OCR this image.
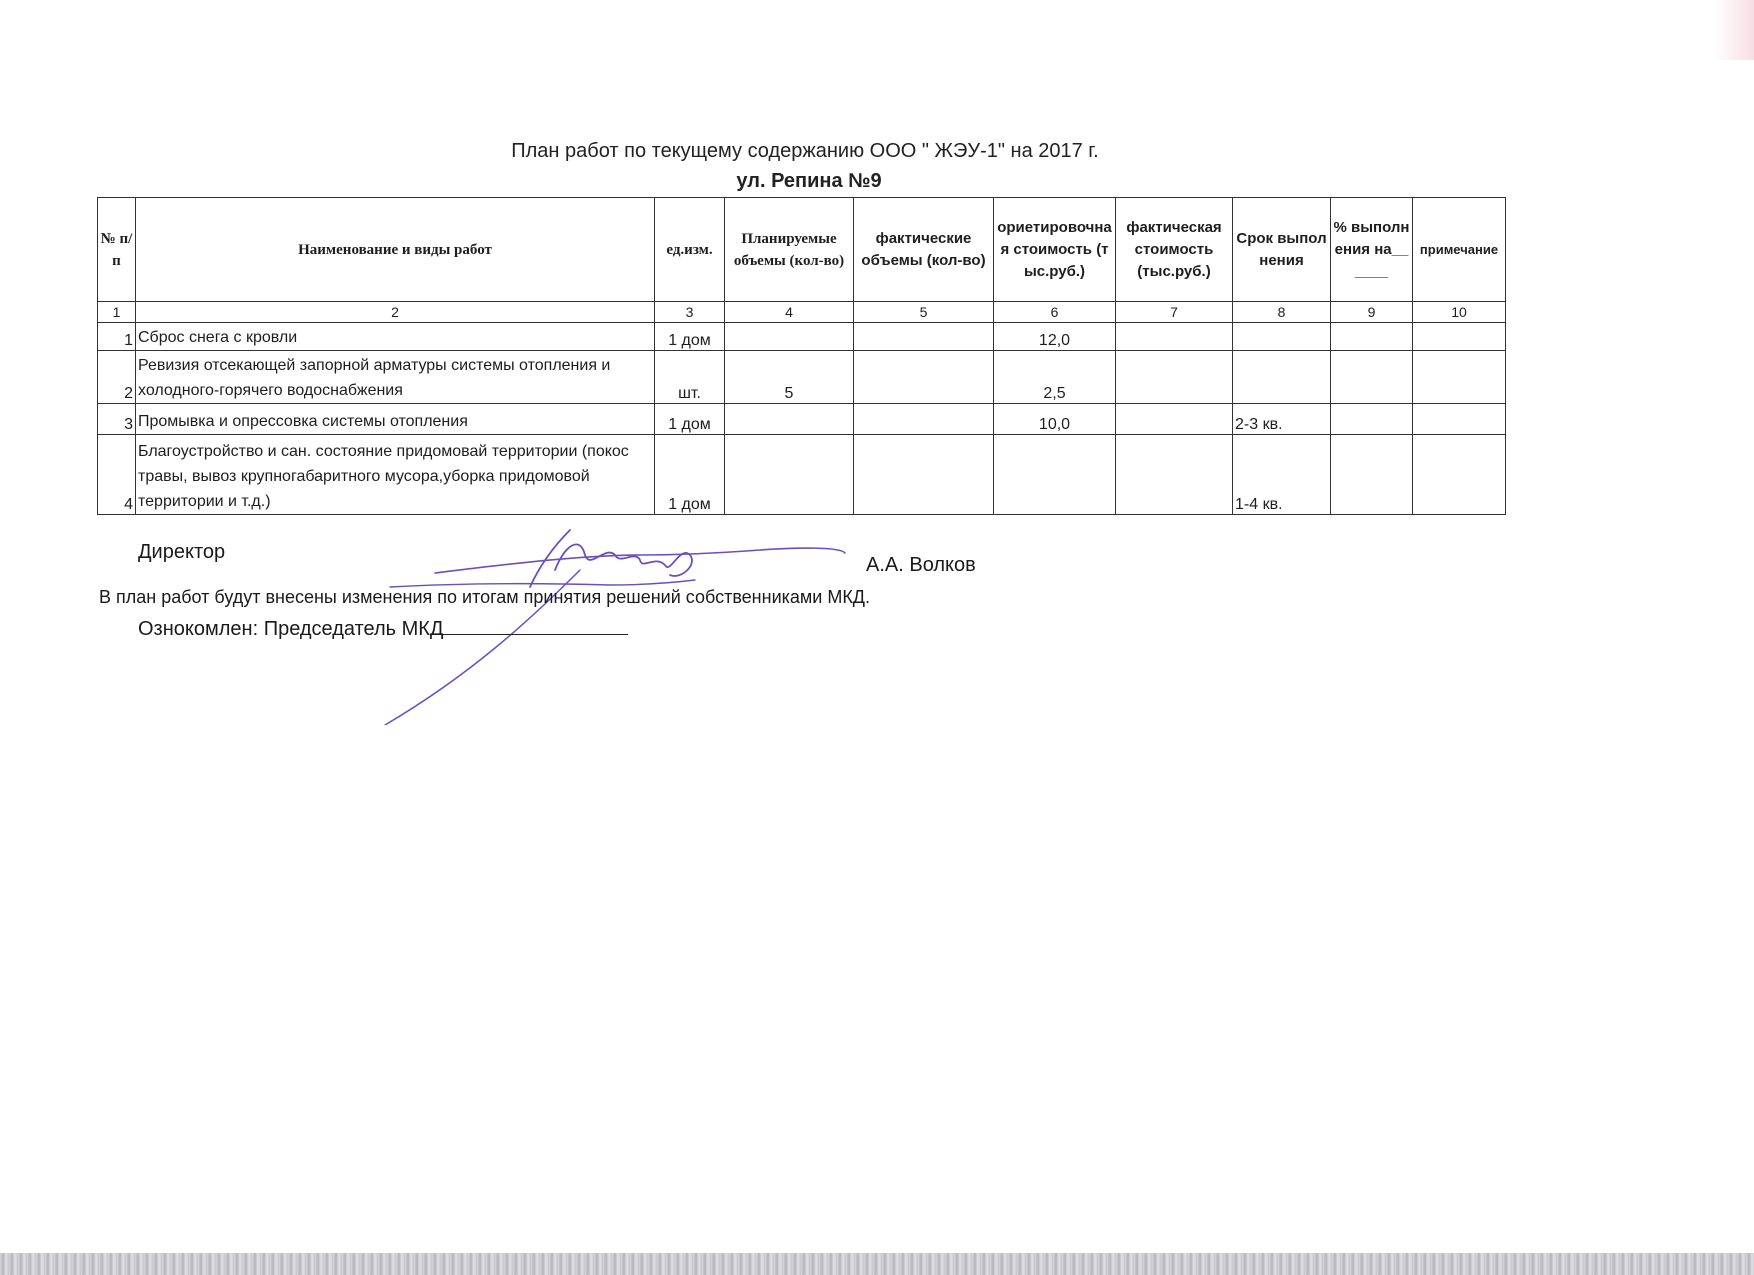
План работ по текущему содержанию ООО " ЖЭУ-1" на 2017 г.
ул. Репина №9
№ п/п	Наименование и виды работ	ед.изм.	Планируемые объемы (кол-во)	фактические объемы (кол-во)	ориетировочная стоимость (тыс.руб.)	фактическая стоимость (тыс.руб.)	Срок выполнения	% выполнения на______	примечание
1	2	3	4	5	6	7	8	9	10
1	Сброс снега с кровли	1 дом			12,0				
2	Ревизия отсекающей запорной арматуры системы отопления и холодного-горячего водоснабжения	шт.	5		2,5				
3	Промывка и опрессовка системы отопления	1 дом			10,0		2-3 кв.		
4	Благоустройство и сан. состояние придомовай территории (покос травы, вывоз крупногабаритного мусора,уборка придомовой территории и т.д.)	1 дом					1-4 кв.		
Директор
А.А. Волков
В план работ будут внесены изменения по итогам принятия решений собственниками МКД.
Ознокомлен: Председатель МКД
